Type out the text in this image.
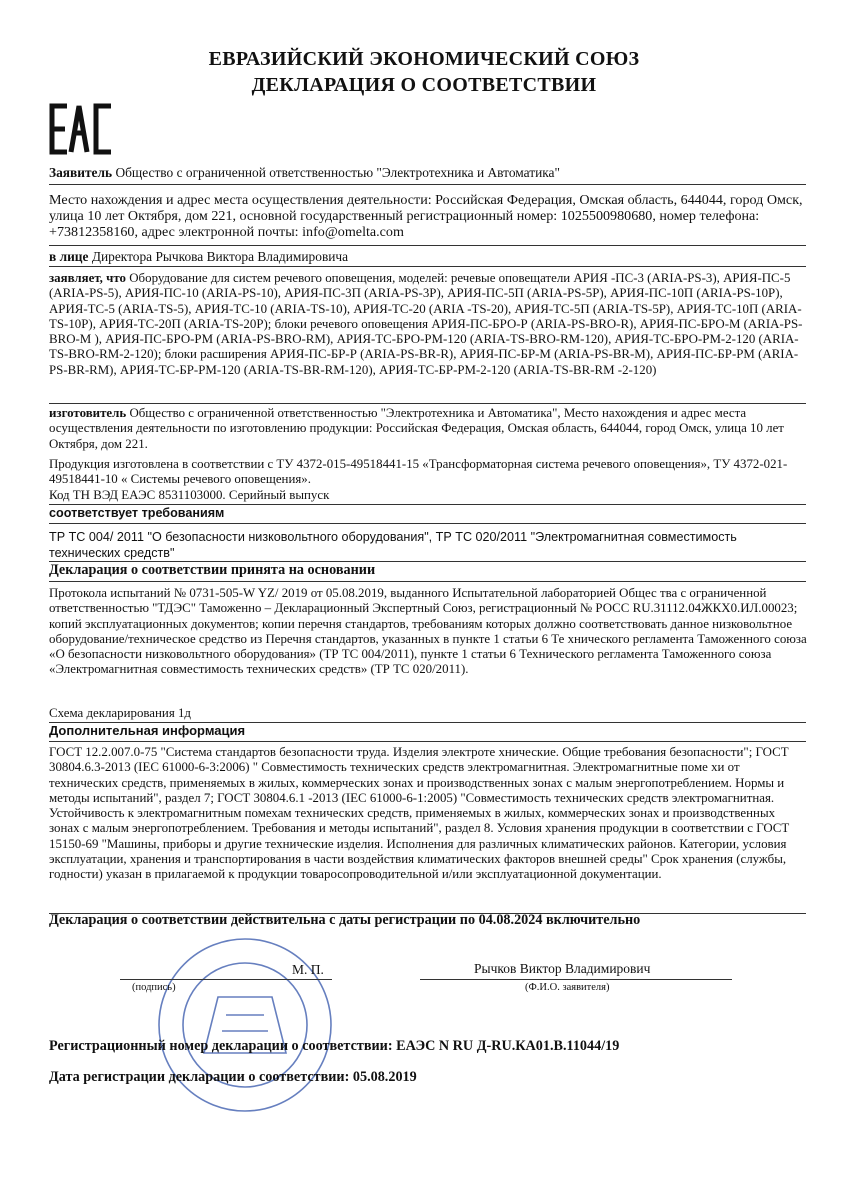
ЕВРАЗИЙСКИЙ ЭКОНОМИЧЕСКИЙ СОЮЗ
ДЕКЛАРАЦИЯ О СООТВЕТСТВИИ
Заявитель Общество с ограниченной ответственностью "Электротехника и Автоматика"
Место нахождения и адрес места осуществления деятельности: Российская Федерация, Омская область, 644044, город Омск, улица 10 лет Октября, дом 221, основной государственный регистрационный номер: 1025500980680, номер телефона: +73812358160, адрес электронной почты: info@omelta.com
в лице Директора Рычкова Виктора Владимировича
заявляет, что Оборудование для систем речевого оповещения, моделей: речевые оповещатели АРИЯ -ПС-3 (ARIA-PS-3), АРИЯ-ПС-5 (ARIA-PS-5), АРИЯ-ПС-10 (ARIA-PS-10), АРИЯ-ПС-3П (ARIA-PS-3P), АРИЯ-ПС-5П (ARIA-PS-5P), АРИЯ-ПС-10П (ARIA-PS-10P), АРИЯ-ТС-5 (ARIA-TS-5), АРИЯ-ТС-10 (ARIA-TS-10), АРИЯ-ТС-20 (ARIA -TS-20), АРИЯ-ТС-5П (ARIA-TS-5P), АРИЯ-ТС-10П (ARIA-TS-10P), АРИЯ-ТС-20П (ARIA-TS-20P); блоки речевого оповещения АРИЯ-ПС-БРО-Р (ARIA-PS-BRO-R), АРИЯ-ПС-БРО-М (ARIA-PS-BRO-M ), АРИЯ-ПС-БРО-РМ (ARIA-PS-BRO-RM), АРИЯ-ТС-БРО-РМ-120 (ARIA-TS-BRO-RM-120), АРИЯ-ТС-БРО-РМ-2-120 (ARIA-TS-BRO-RM-2-120); блоки расширения АРИЯ-ПС-БР-Р (ARIA-PS-BR-R), АРИЯ-ПС-БР-М (ARIA-PS-BR-M), АРИЯ-ПС-БР-РМ (ARIA-PS-BR-RM), АРИЯ-ТС-БР-РМ-120 (ARIA-TS-BR-RM-120), АРИЯ-ТС-БР-РМ-2-120 (ARIA-TS-BR-RM -2-120)
изготовитель Общество с ограниченной ответственностью "Электротехника и Автоматика", Место нахождения и адрес места осуществления деятельности по изготовлению продукции: Российская Федерация, Омская область, 644044, город Омск, улица 10 лет Октября, дом 221.
Продукция изготовлена в соответствии с ТУ 4372-015-49518441-15 «Трансформаторная система речевого оповещения», ТУ 4372-021-49518441-10 « Системы речевого оповещения».
Код ТН ВЭД ЕАЭС 8531103000. Серийный выпуск
соответствует требованиям
ТР ТС 004/ 2011 "О безопасности низковольтного оборудования", ТР ТС 020/2011 "Электромагнитная совместимость технических средств"
Декларация о соответствии принята на основании
Протокола испытаний № 0731-505-W YZ/ 2019 от 05.08.2019, выданного Испытательной лабораторией Общес тва с ограниченной ответственностью "ТДЭС" Таможенно – Декларационный Экспертный Союз, регистрационный № РОСС RU.31112.04ЖКХ0.ИЛ.00023; копий эксплуатационных документов; копии перечня стандартов, требованиям которых должно соответствовать данное низковольтное оборудование/техническое средство из Перечня стандартов, указанных в пункте 1 статьи 6 Те хнического регламента Таможенного союза «О безопасности низковольтного оборудования» (ТР ТС 004/2011), пункте 1 статьи 6 Технического регламента Таможенного союза «Электромагнитная совместимость технических средств» (ТР ТС 020/2011).
Схема декларирования 1д
Дополнительная информация
ГОСТ 12.2.007.0-75 "Система стандартов безопасности труда. Изделия электроте хнические. Общие требования безопасности"; ГОСТ 30804.6.3-2013 (IEC 61000-6-3:2006) " Совместимость технических средств электромагнитная. Электромагнитные поме хи от технических средств, применяемых в жилых, коммерческих зонах и производственных зонах с малым энергопотреблением. Нормы и методы испытаний", раздел 7; ГОСТ 30804.6.1 -2013 (IEC 61000-6-1:2005) "Совместимость технических средств электромагнитная. Устойчивость к электромагнитным помехам технических средств, применяемых в жилых, коммерческих зонах и производственных зонах с малым энергопотреблением. Требования и методы испытаний", раздел 8. Условия хранения продукции в соответствии с ГОСТ 15150-69 "Машины, приборы и другие технические изделия. Исполнения для различных климатических районов. Категории, условия эксплуатации, хранения и транспортирования в части воздействия климатических факторов внешней среды" Срок хранения (службы, годности) указан в прилагаемой к продукции товаросопроводительной и/или эксплуатационной документации.
Декларация о соответствии действительна с даты регистрации по 04.08.2024 включительно
М. П.
(подпись)
Рычков Виктор Владимирович
(Ф.И.О. заявителя)
Регистрационный номер декларации о соответствии: ЕАЭС N RU Д-RU.КА01.В.11044/19
Дата регистрации декларации о соответствии: 05.08.2019
